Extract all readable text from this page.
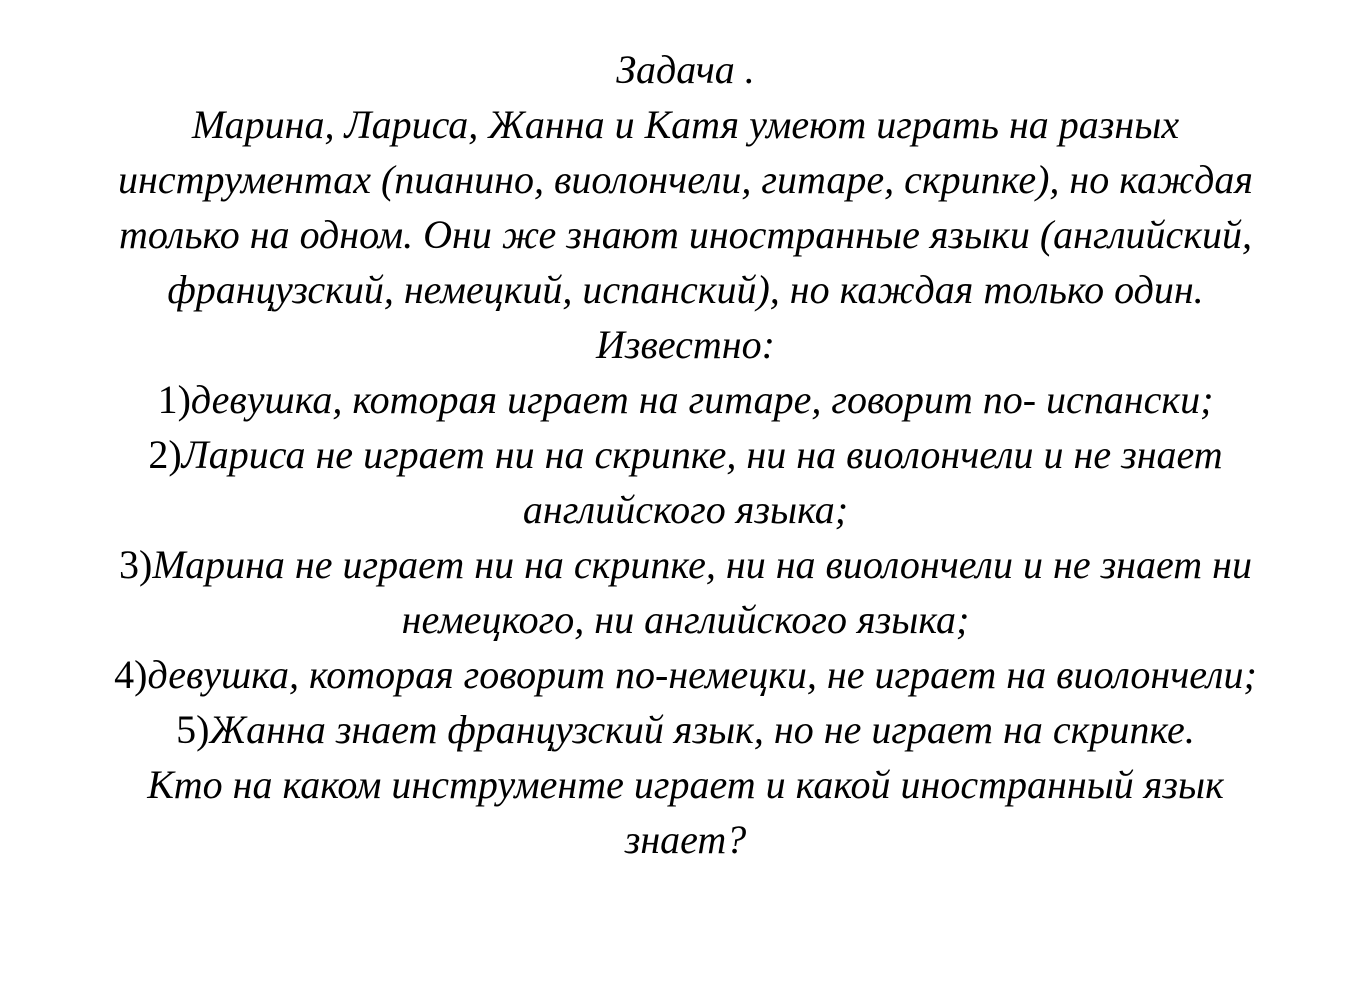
Задача .
Марина, Лариса, Жанна и Катя умеют играть на разных
инструментах (пианино, виолончели, гитаре, скрипке), но каждая
только на одном. Они же знают иностранные языки (английский,
французский, немецкий, испанский), но каждая только один.
Известно:
1)девушка, которая играет на гитаре, говорит по- испански;
2)Лариса не играет ни на скрипке, ни на виолончели и не знает
английского языка;
3)Марина не играет ни на скрипке, ни на виолончели и не знает ни
немецкого, ни английского языка;
4)девушка, которая говорит по-немецки, не играет на виолончели;
5)Жанна знает французский язык, но не играет на скрипке.
Кто на каком инструменте играет и какой иностранный язык
знает?
